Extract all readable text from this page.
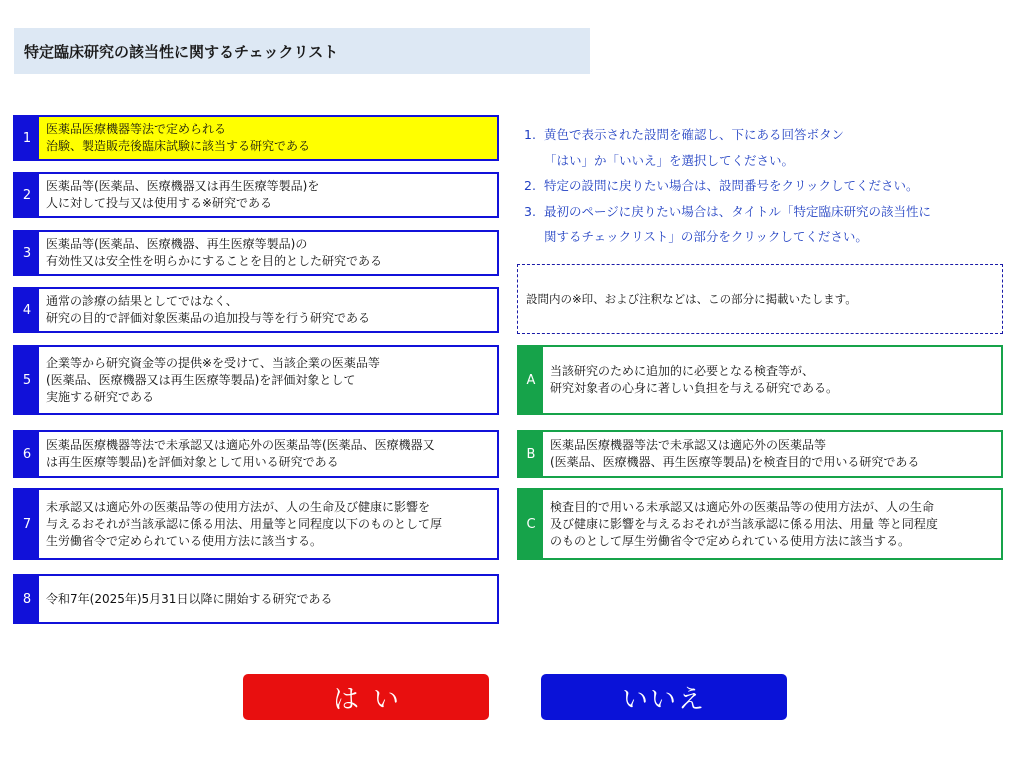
特定臨床研究の該当性に関するチェックリスト
1
医薬品医療機器等法で定められる
治験、製造販売後臨床試験に該当する研究である
2
医薬品等(医薬品、医療機器又は再生医療等製品)を
人に対して投与又は使用する※研究である
3
医薬品等(医薬品、医療機器、再生医療等製品)の
有効性又は安全性を明らかにすることを目的とした研究である
4
通常の診療の結果としてではなく、
研究の目的で評価対象医薬品の追加投与等を行う研究である
5
企業等から研究資金等の提供※を受けて、当該企業の医薬品等
(医薬品、医療機器又は再生医療等製品)を評価対象として
実施する研究である
6
医薬品医療機器等法で未承認又は適応外の医薬品等(医薬品、医療機器又
は再生医療等製品)を評価対象として用いる研究である
7
未承認又は適応外の医薬品等の使用方法が、人の生命及び健康に影響を
与えるおそれが当該承認に係る用法、用量等と同程度以下のものとして厚
生労働省令で定められている使用方法に該当する。
8	令和7年(2025年)5月31日以降に開始する研究である
1. 黄色で表示された設問を確認し、下にある回答ボタン
「はい」か「いいえ」を選択してください。
2. 特定の設問に戻りたい場合は、設問番号をクリックしてください。
3. 最初のページに戻りたい場合は、タイトル「特定臨床研究の該当性に
関するチェックリスト」の部分をクリックしてください。
設問内の※印、および注釈などは、この部分に掲載いたします。
A
当該研究のために追加的に必要となる検査等が、
研究対象者の心身に著しい負担を与える研究である。
B
医薬品医療機器等法で未承認又は適応外の医薬品等
(医薬品、医療機器、再生医療等製品)を検査目的で用いる研究である
C
検査目的で用いる未承認又は適応外の医薬品等の使用方法が、人の生命
及び健康に影響を与えるおそれが当該承認に係る用法、用量 等と同程度
のものとして厚生労働省令で定められている使用方法に該当する。
はい	いいえ
